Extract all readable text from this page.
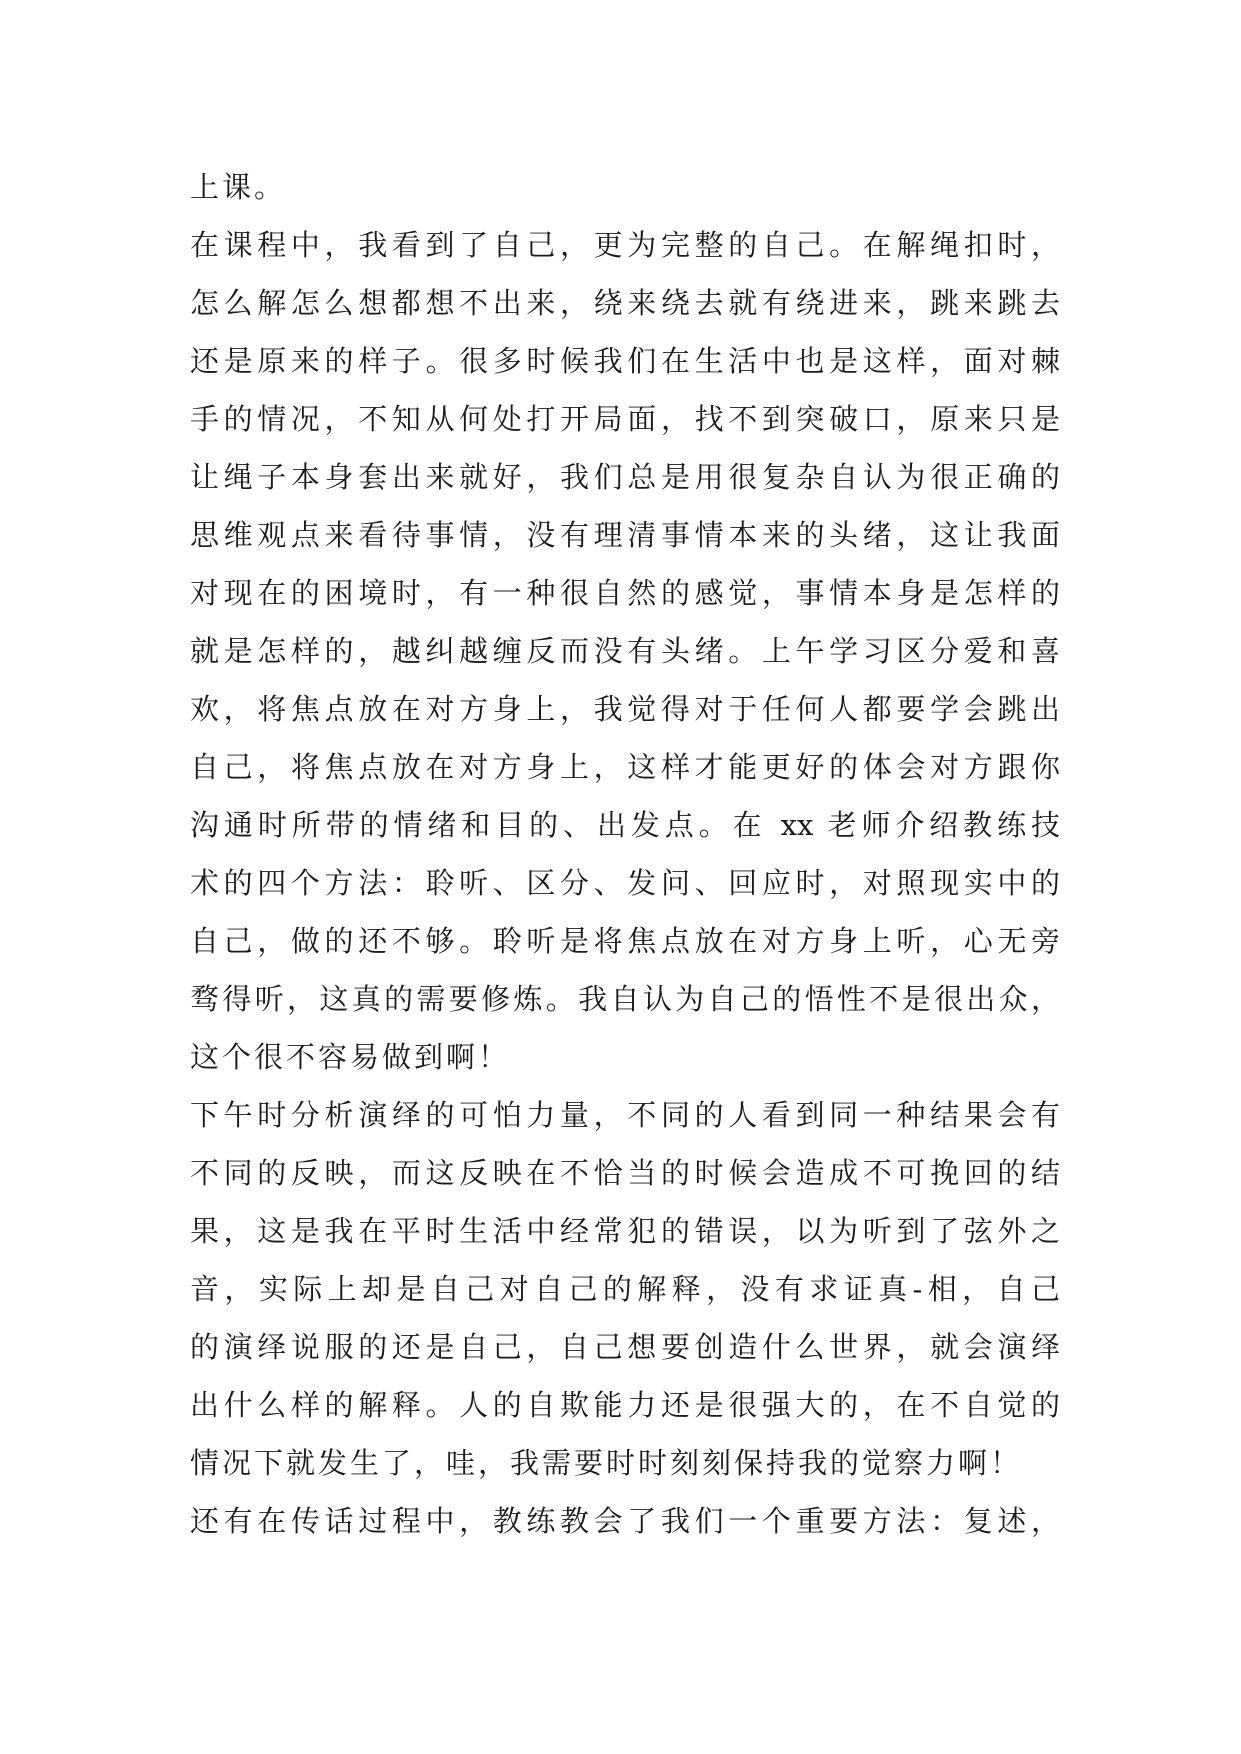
上课。
在课程中，我看到了自己，更为完整的自己。在解绳扣时，
怎么解怎么想都想不出来，绕来绕去就有绕进来，跳来跳去
还是原来的样子。很多时候我们在生活中也是这样，面对棘
手的情况，不知从何处打开局面，找不到突破口，原来只是
让绳子本身套出来就好，我们总是用很复杂自认为很正确的
思维观点来看待事情，没有理清事情本来的头绪，这让我面
对现在的困境时，有一种很自然的感觉，事情本身是怎样的
就是怎样的，越纠越缠反而没有头绪。上午学习区分爱和喜
欢，将焦点放在对方身上，我觉得对于任何人都要学会跳出
自己，将焦点放在对方身上，这样才能更好的体会对方跟你
沟通时所带的情绪和目的、出发点。在 xx 老师介绍教练技
术的四个方法：聆听、区分、发问、回应时，对照现实中的
自己，做的还不够。聆听是将焦点放在对方身上听，心无旁
骛得听，这真的需要修炼。我自认为自己的悟性不是很出众，
这个很不容易做到啊！
下午时分析演绎的可怕力量，不同的人看到同一种结果会有
不同的反映，而这反映在不恰当的时候会造成不可挽回的结
果，这是我在平时生活中经常犯的错误，以为听到了弦外之
音，实际上却是自己对自己的解释，没有求证真-相，自己
的演绎说服的还是自己，自己想要创造什么世界，就会演绎
出什么样的解释。人的自欺能力还是很强大的，在不自觉的
情况下就发生了，哇，我需要时时刻刻保持我的觉察力啊！
还有在传话过程中，教练教会了我们一个重要方法：复述，
